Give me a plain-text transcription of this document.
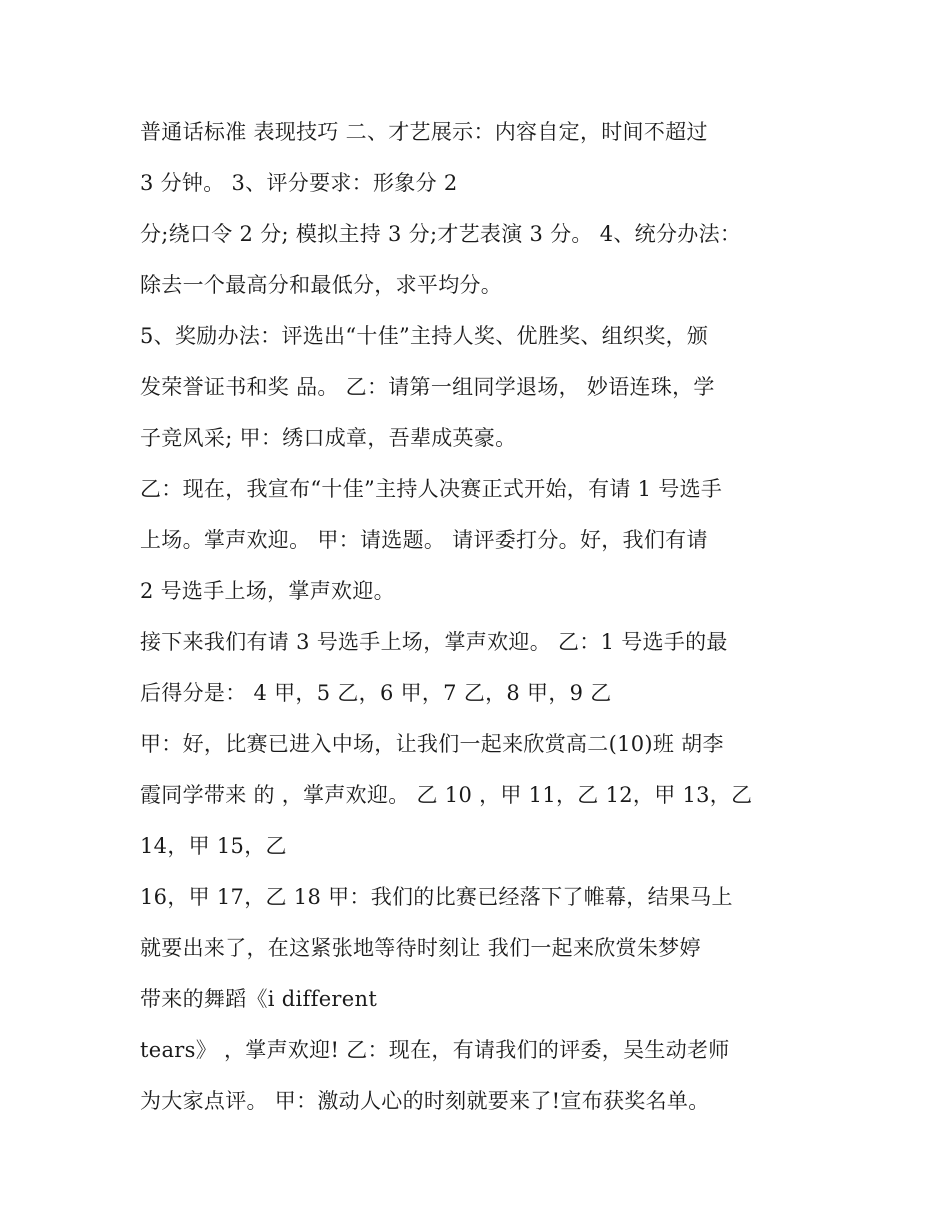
普通话标准 表现技巧 二、才艺展示：内容自定，时间不超过
3 分钟。 3、评分要求：形象分 2
分;绕口令 2 分; 模拟主持 3 分;才艺表演 3 分。 4、统分办法：
除去一个最高分和最低分，求平均分。
5、奖励办法：评选出“十佳”主持人奖、优胜奖、组织奖，颁
发荣誉证书和奖 品。 乙：请第一组同学退场， 妙语连珠，学
子竞风采; 甲：绣口成章，吾辈成英豪。
乙：现在，我宣布“十佳”主持人决赛正式开始，有请 1 号选手
上场。掌声欢迎。 甲：请选题。 请评委打分。好，我们有请
2 号选手上场，掌声欢迎。
接下来我们有请 3 号选手上场，掌声欢迎。 乙：1 号选手的最
后得分是： 4 甲，5 乙，6 甲，7 乙，8 甲，9 乙
甲：好，比赛已进入中场，让我们一起来欣赏高二(10)班 胡李
霞同学带来 的 ，掌声欢迎。 乙 10 ，甲 11，乙 12，甲 13，乙
14，甲 15，乙
16，甲 17，乙 18 甲：我们的比赛已经落下了帷幕，结果马上
就要出来了，在这紧张地等待时刻让 我们一起来欣赏朱梦婷
带来的舞蹈《i different
tears》 ，掌声欢迎! 乙：现在，有请我们的评委，吴生动老师
为大家点评。 甲：激动人心的时刻就要来了!宣布获奖名单。
